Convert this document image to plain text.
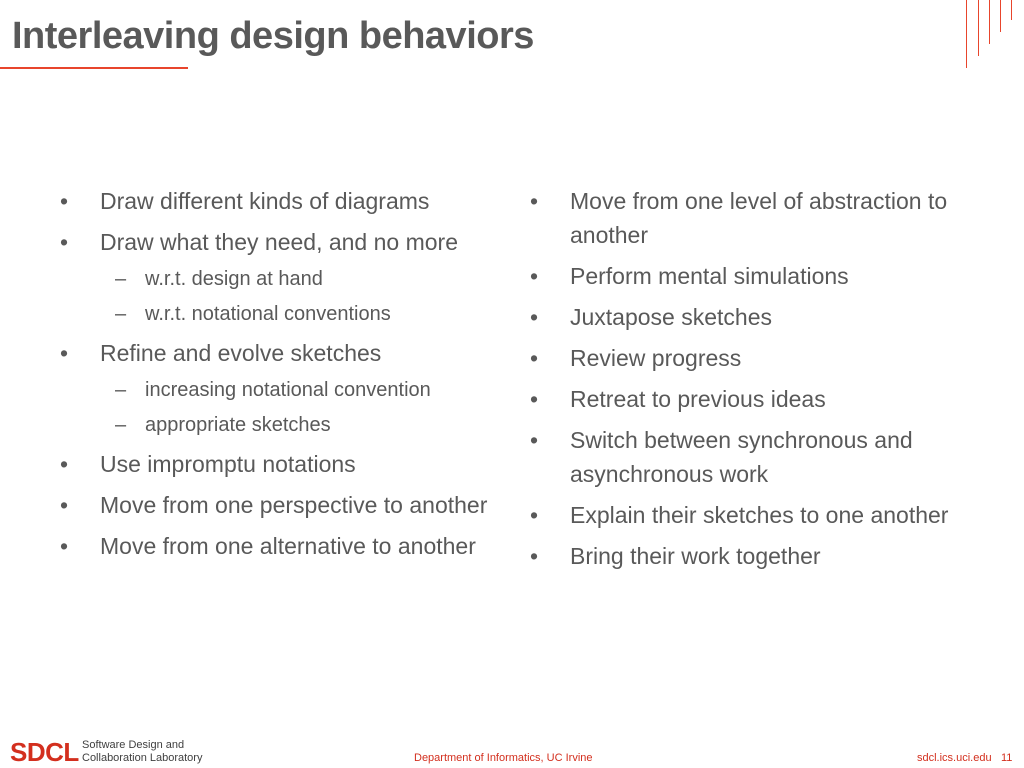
Interleaving design behaviors
• Draw different kinds of diagrams
• Draw what they need, and no more
– w.r.t. design at hand
– w.r.t. notational conventions
• Refine and evolve sketches
– increasing notational convention
– appropriate sketches
• Use impromptu notations
• Move from one perspective to another
• Move from one alternative to another
• Move from one level of abstraction to another
• Perform mental simulations
• Juxtapose sketches
• Review progress
• Retreat to previous ideas
• Switch between synchronous and asynchronous work
• Explain their sketches to one another
• Bring their work together
SDCL Software Design and
Collaboration Laboratory	Department of Informatics, UC Irvine	sdcl.ics.uci.edu 11
